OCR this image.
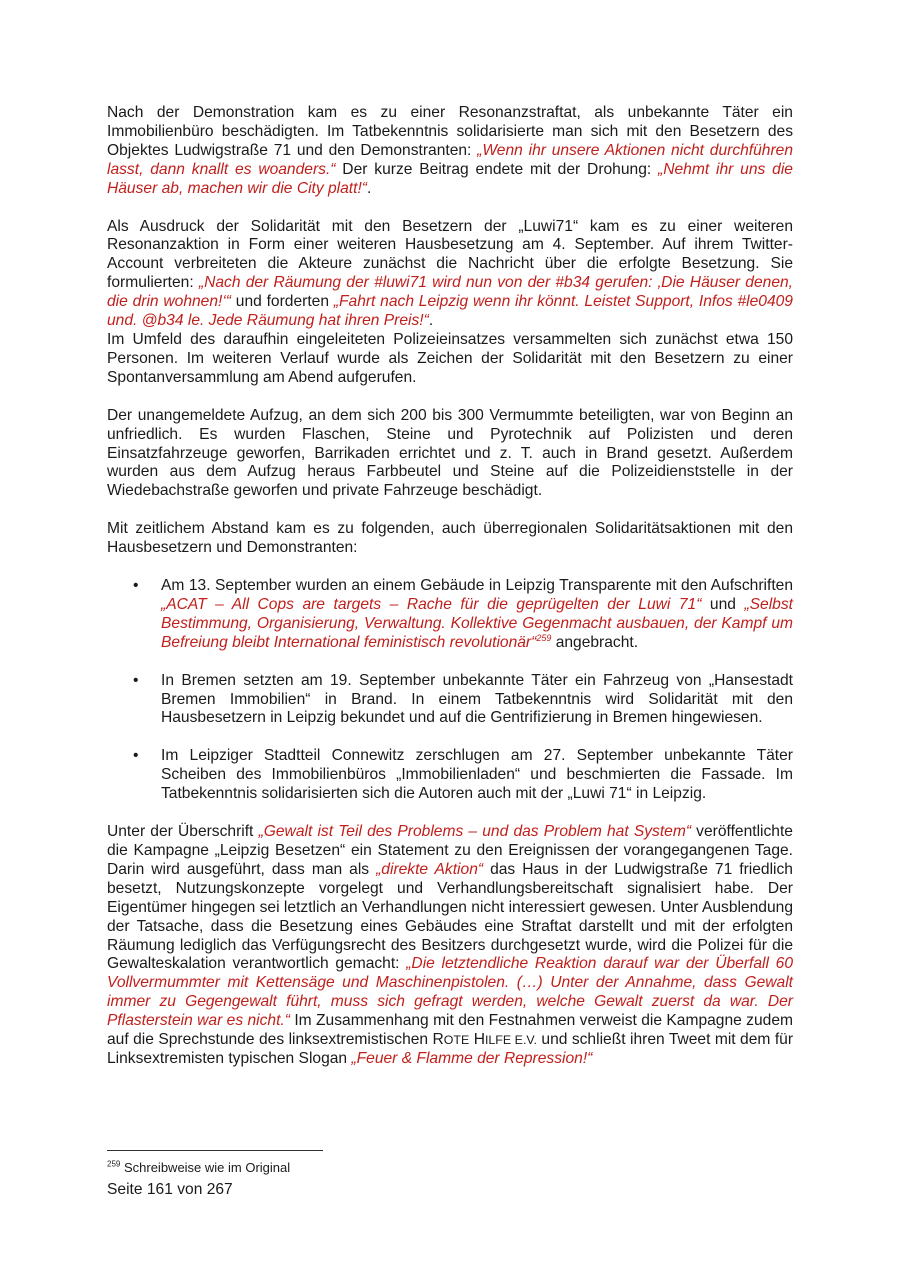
Nach der Demonstration kam es zu einer Resonanzstraftat, als unbekannte Täter ein Immobilienbüro beschädigten. Im Tatbekenntnis solidarisierte man sich mit den Besetzern des Objektes Ludwigstraße 71 und den Demonstranten: „Wenn ihr unsere Aktionen nicht durchführen lasst, dann knallt es woanders.“ Der kurze Beitrag endete mit der Drohung: „Nehmt ihr uns die Häuser ab, machen wir die City platt!“.

Als Ausdruck der Solidarität mit den Besetzern der „Luwi71“ kam es zu einer weiteren Resonanzaktion in Form einer weiteren Hausbesetzung am 4. September. Auf ihrem Twitter-Account verbreiteten die Akteure zunächst die Nachricht über die erfolgte Besetzung. Sie formulierten: „Nach der Räumung der #luwi71 wird nun von der #b34 gerufen: ‚Die Häuser denen, die drin wohnen!‘“ und forderten „Fahrt nach Leipzig wenn ihr könnt. Leistet Support, Infos #le0409 und. @b34 le. Jede Räumung hat ihren Preis!“.

Im Umfeld des daraufhin eingeleiteten Polizeieinsatzes versammelten sich zunächst etwa 150 Personen. Im weiteren Verlauf wurde als Zeichen der Solidarität mit den Besetzern zu einer Spontanversammlung am Abend aufgerufen.

Der unangemeldete Aufzug, an dem sich 200 bis 300 Vermummte beteiligten, war von Beginn an unfriedlich. Es wurden Flaschen, Steine und Pyrotechnik auf Polizisten und deren Einsatzfahrzeuge geworfen, Barrikaden errichtet und z. T. auch in Brand gesetzt. Außerdem wurden aus dem Aufzug heraus Farbbeutel und Steine auf die Polizeidienststelle in der Wiedebachstraße geworfen und private Fahrzeuge beschädigt.

Mit zeitlichem Abstand kam es zu folgenden, auch überregionalen Solidaritätsaktionen mit den Hausbesetzern und Demonstranten:

• Am 13. September wurden an einem Gebäude in Leipzig Transparente mit den Aufschriften „ACAT – All Cops are targets – Rache für die geprügelten der Luwi 71“ und „Selbst Bestimmung, Organisierung, Verwaltung. Kollektive Gegenmacht ausbauen, der Kampf um Befreiung bleibt International feministisch revolutionär“$^{259}$ angebracht.

• In Bremen setzten am 19. September unbekannte Täter ein Fahrzeug von „Hansestadt Bremen Immobilien“ in Brand. In einem Tatbekenntnis wird Solidarität mit den Hausbesetzern in Leipzig bekundet und auf die Gentrifizierung in Bremen hingewiesen.

• Im Leipziger Stadtteil Connewitz zerschlugen am 27. September unbekannte Täter Scheiben des Immobilienbüros „Immobilienladen“ und beschmierten die Fassade. Im Tatbekenntnis solidarisierten sich die Autoren auch mit der „Luwi 71“ in Leipzig.

Unter der Überschrift „Gewalt ist Teil des Problems – und das Problem hat System“ veröffentlichte die Kampagne „Leipzig Besetzen“ ein Statement zu den Ereignissen der vorangegangenen Tage. Darin wird ausgeführt, dass man als „direkte Aktion“ das Haus in der Ludwigstraße 71 friedlich besetzt, Nutzungskonzepte vorgelegt und Verhandlungsbereitschaft signalisiert habe. Der Eigentümer hingegen sei letztlich an Verhandlungen nicht interessiert gewesen. Unter Ausblendung der Tatsache, dass die Besetzung eines Gebäudes eine Straftat darstellt und mit der erfolgten Räumung lediglich das Verfügungsrecht des Besitzers durchgesetzt wurde, wird die Polizei für die Gewalteskalation verantwortlich gemacht: „Die letztendliche Reaktion darauf war der Überfall 60 Vollvermummter mit Kettensäge und Maschinenpistolen. (…) Unter der Annahme, dass Gewalt immer zu Gegengewalt führt, muss sich gefragt werden, welche Gewalt zuerst da war. Der Pflasterstein war es nicht.“ Im Zusammenhang mit den Festnahmen verweist die Kampagne zudem auf die Sprechstunde des linksextremistischen ROTE HILFE E.V. und schließt ihren Tweet mit dem für Linksextremisten typischen Slogan „Feuer & Flamme der Repression!“

$^{259}$ Schreibweise wie im Original
Seite 161 von 267
